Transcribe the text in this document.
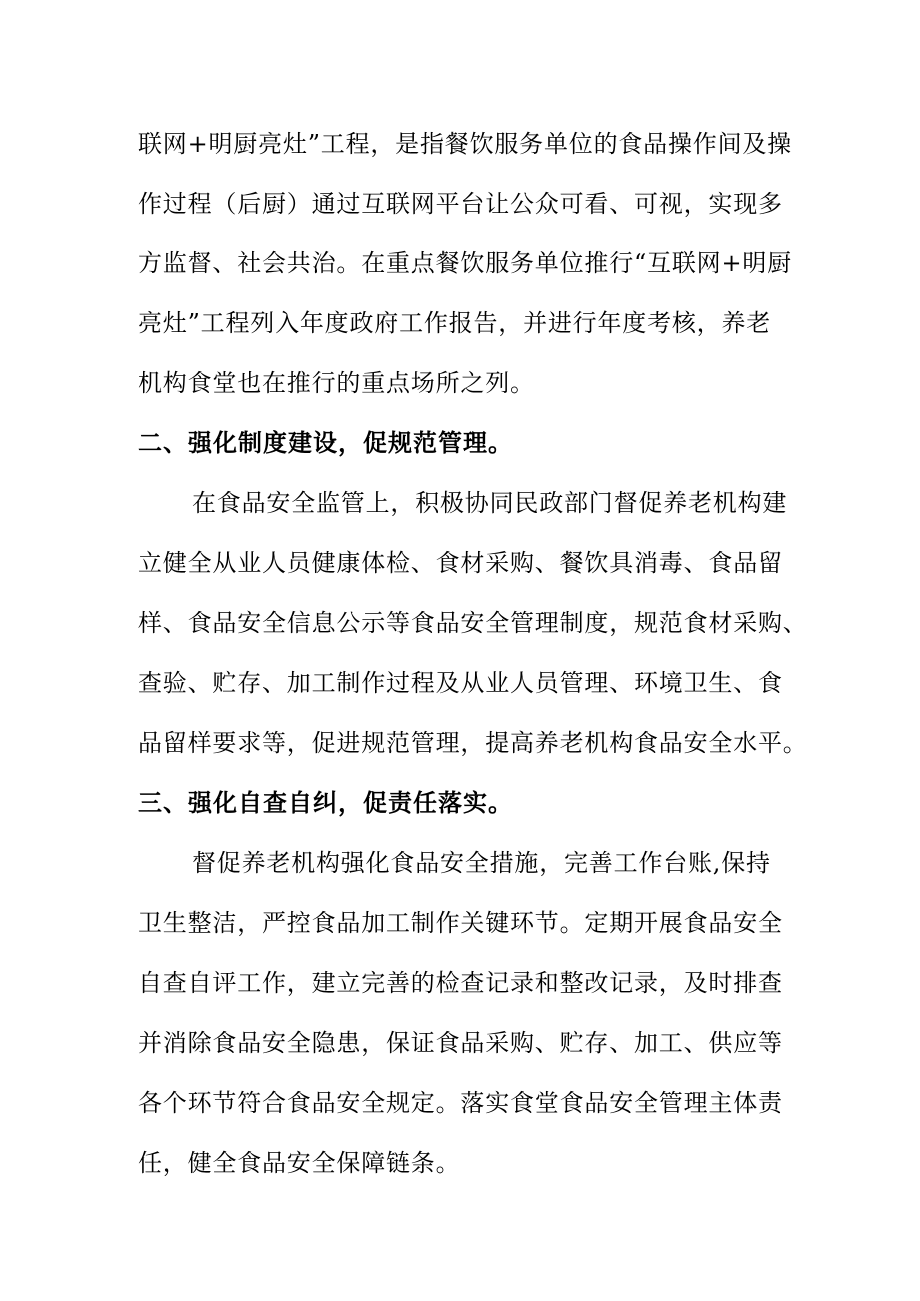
联网+明厨亮灶”工程，是指餐饮服务单位的食品操作间及操
作过程（后厨）通过互联网平台让公众可看、可视，实现多
方监督、社会共治。在重点餐饮服务单位推行“互联网+明厨
亮灶”工程列入年度政府工作报告，并进行年度考核，养老
机构食堂也在推行的重点场所之列。
二、强化制度建设，促规范管理。
在食品安全监管上，积极协同民政部门督促养老机构建
立健全从业人员健康体检、食材采购、餐饮具消毒、食品留
样、食品安全信息公示等食品安全管理制度，规范食材采购、
查验、贮存、加工制作过程及从业人员管理、环境卫生、食
品留样要求等，促进规范管理，提高养老机构食品安全水平。
三、强化自查自纠，促责任落实。
督促养老机构强化食品安全措施，完善工作台账,保持
卫生整洁，严控食品加工制作关键环节。定期开展食品安全
自查自评工作，建立完善的检查记录和整改记录，及时排查
并消除食品安全隐患，保证食品采购、贮存、加工、供应等
各个环节符合食品安全规定。落实食堂食品安全管理主体责
任，健全食品安全保障链条。
